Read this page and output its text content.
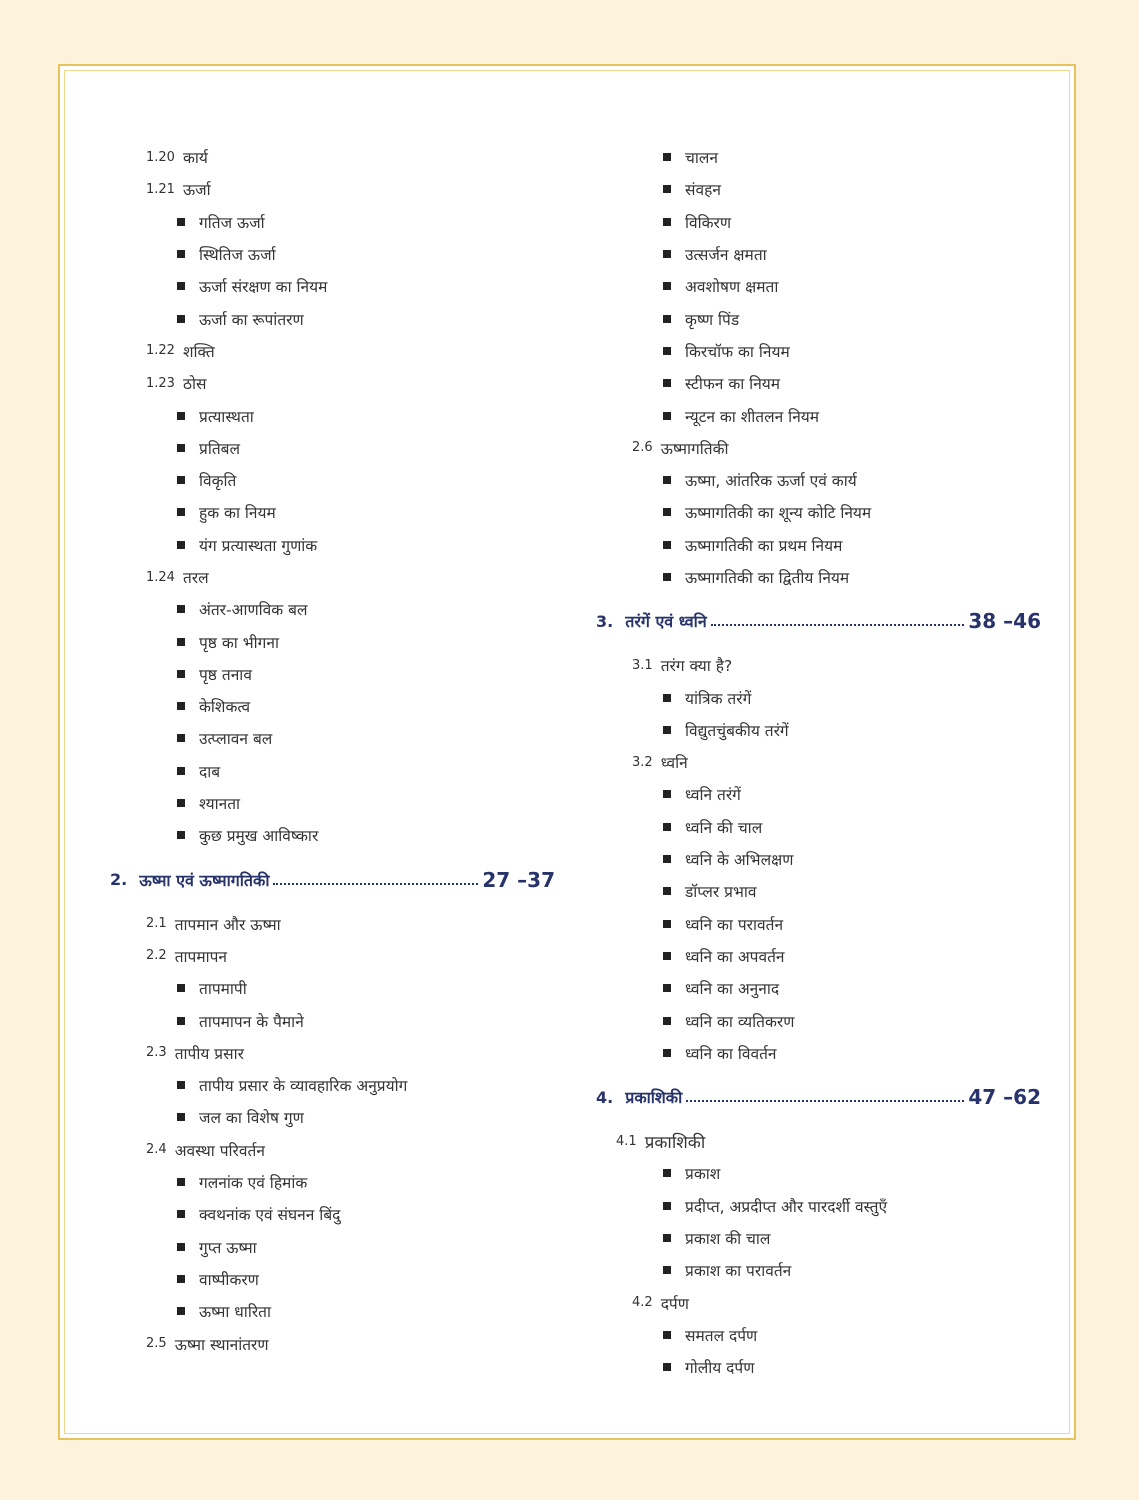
1.20 कार्य
1.21 ऊर्जा
गतिज ऊर्जा
स्थितिज ऊर्जा
ऊर्जा संरक्षण का नियम
ऊर्जा का रूपांतरण
1.22 शक्ति
1.23 ठोस
प्रत्यास्थता
प्रतिबल
विकृति
हुक का नियम
यंग प्रत्यास्थता गुणांक
1.24 तरल
अंतर-आणविक बल
पृष्ठ का भीगना
पृष्ठ तनाव
केशिकत्व
उत्प्लावन बल
दाब
श्यानता
कुछ प्रमुख आविष्कार
2. ऊष्मा एवं ऊष्मागतिकी	27 –37
2.1 तापमान और ऊष्मा
2.2 तापमापन
तापमापी
तापमापन के पैमाने
2.3 तापीय प्रसार
तापीय प्रसार के व्यावहारिक अनुप्रयोग
जल का विशेष गुण
2.4 अवस्था परिवर्तन
गलनांक एवं हिमांक
क्वथनांक एवं संघनन बिंदु
गुप्त ऊष्मा
वाष्पीकरण
ऊष्मा धारिता
2.5 ऊष्मा स्थानांतरण
चालन
संवहन
विकिरण
उत्सर्जन क्षमता
अवशोषण क्षमता
कृष्ण पिंड
किरचॉफ का नियम
स्टीफन का नियम
न्यूटन का शीतलन नियम
2.6 ऊष्मागतिकी
ऊष्मा, आंतरिक ऊर्जा एवं कार्य
ऊष्मागतिकी का शून्य कोटि नियम
ऊष्मागतिकी का प्रथम नियम
ऊष्मागतिकी का द्वितीय नियम
3. तरंगें एवं ध्वनि	38 –46
3.1 तरंग क्या है?
यांत्रिक तरंगें
विद्युतचुंबकीय तरंगें
3.2 ध्वनि
ध्वनि तरंगें
ध्वनि की चाल
ध्वनि के अभिलक्षण
डॉप्लर प्रभाव
ध्वनि का परावर्तन
ध्वनि का अपवर्तन
ध्वनि का अनुनाद
ध्वनि का व्यतिकरण
ध्वनि का विवर्तन
4. प्रकाशिकी	47 –62
4.1 प्रकाशिकी
प्रकाश
प्रदीप्त, अप्रदीप्त और पारदर्शी वस्तुएँ
प्रकाश की चाल
प्रकाश का परावर्तन
4.2 दर्पण
समतल दर्पण
गोलीय दर्पण
